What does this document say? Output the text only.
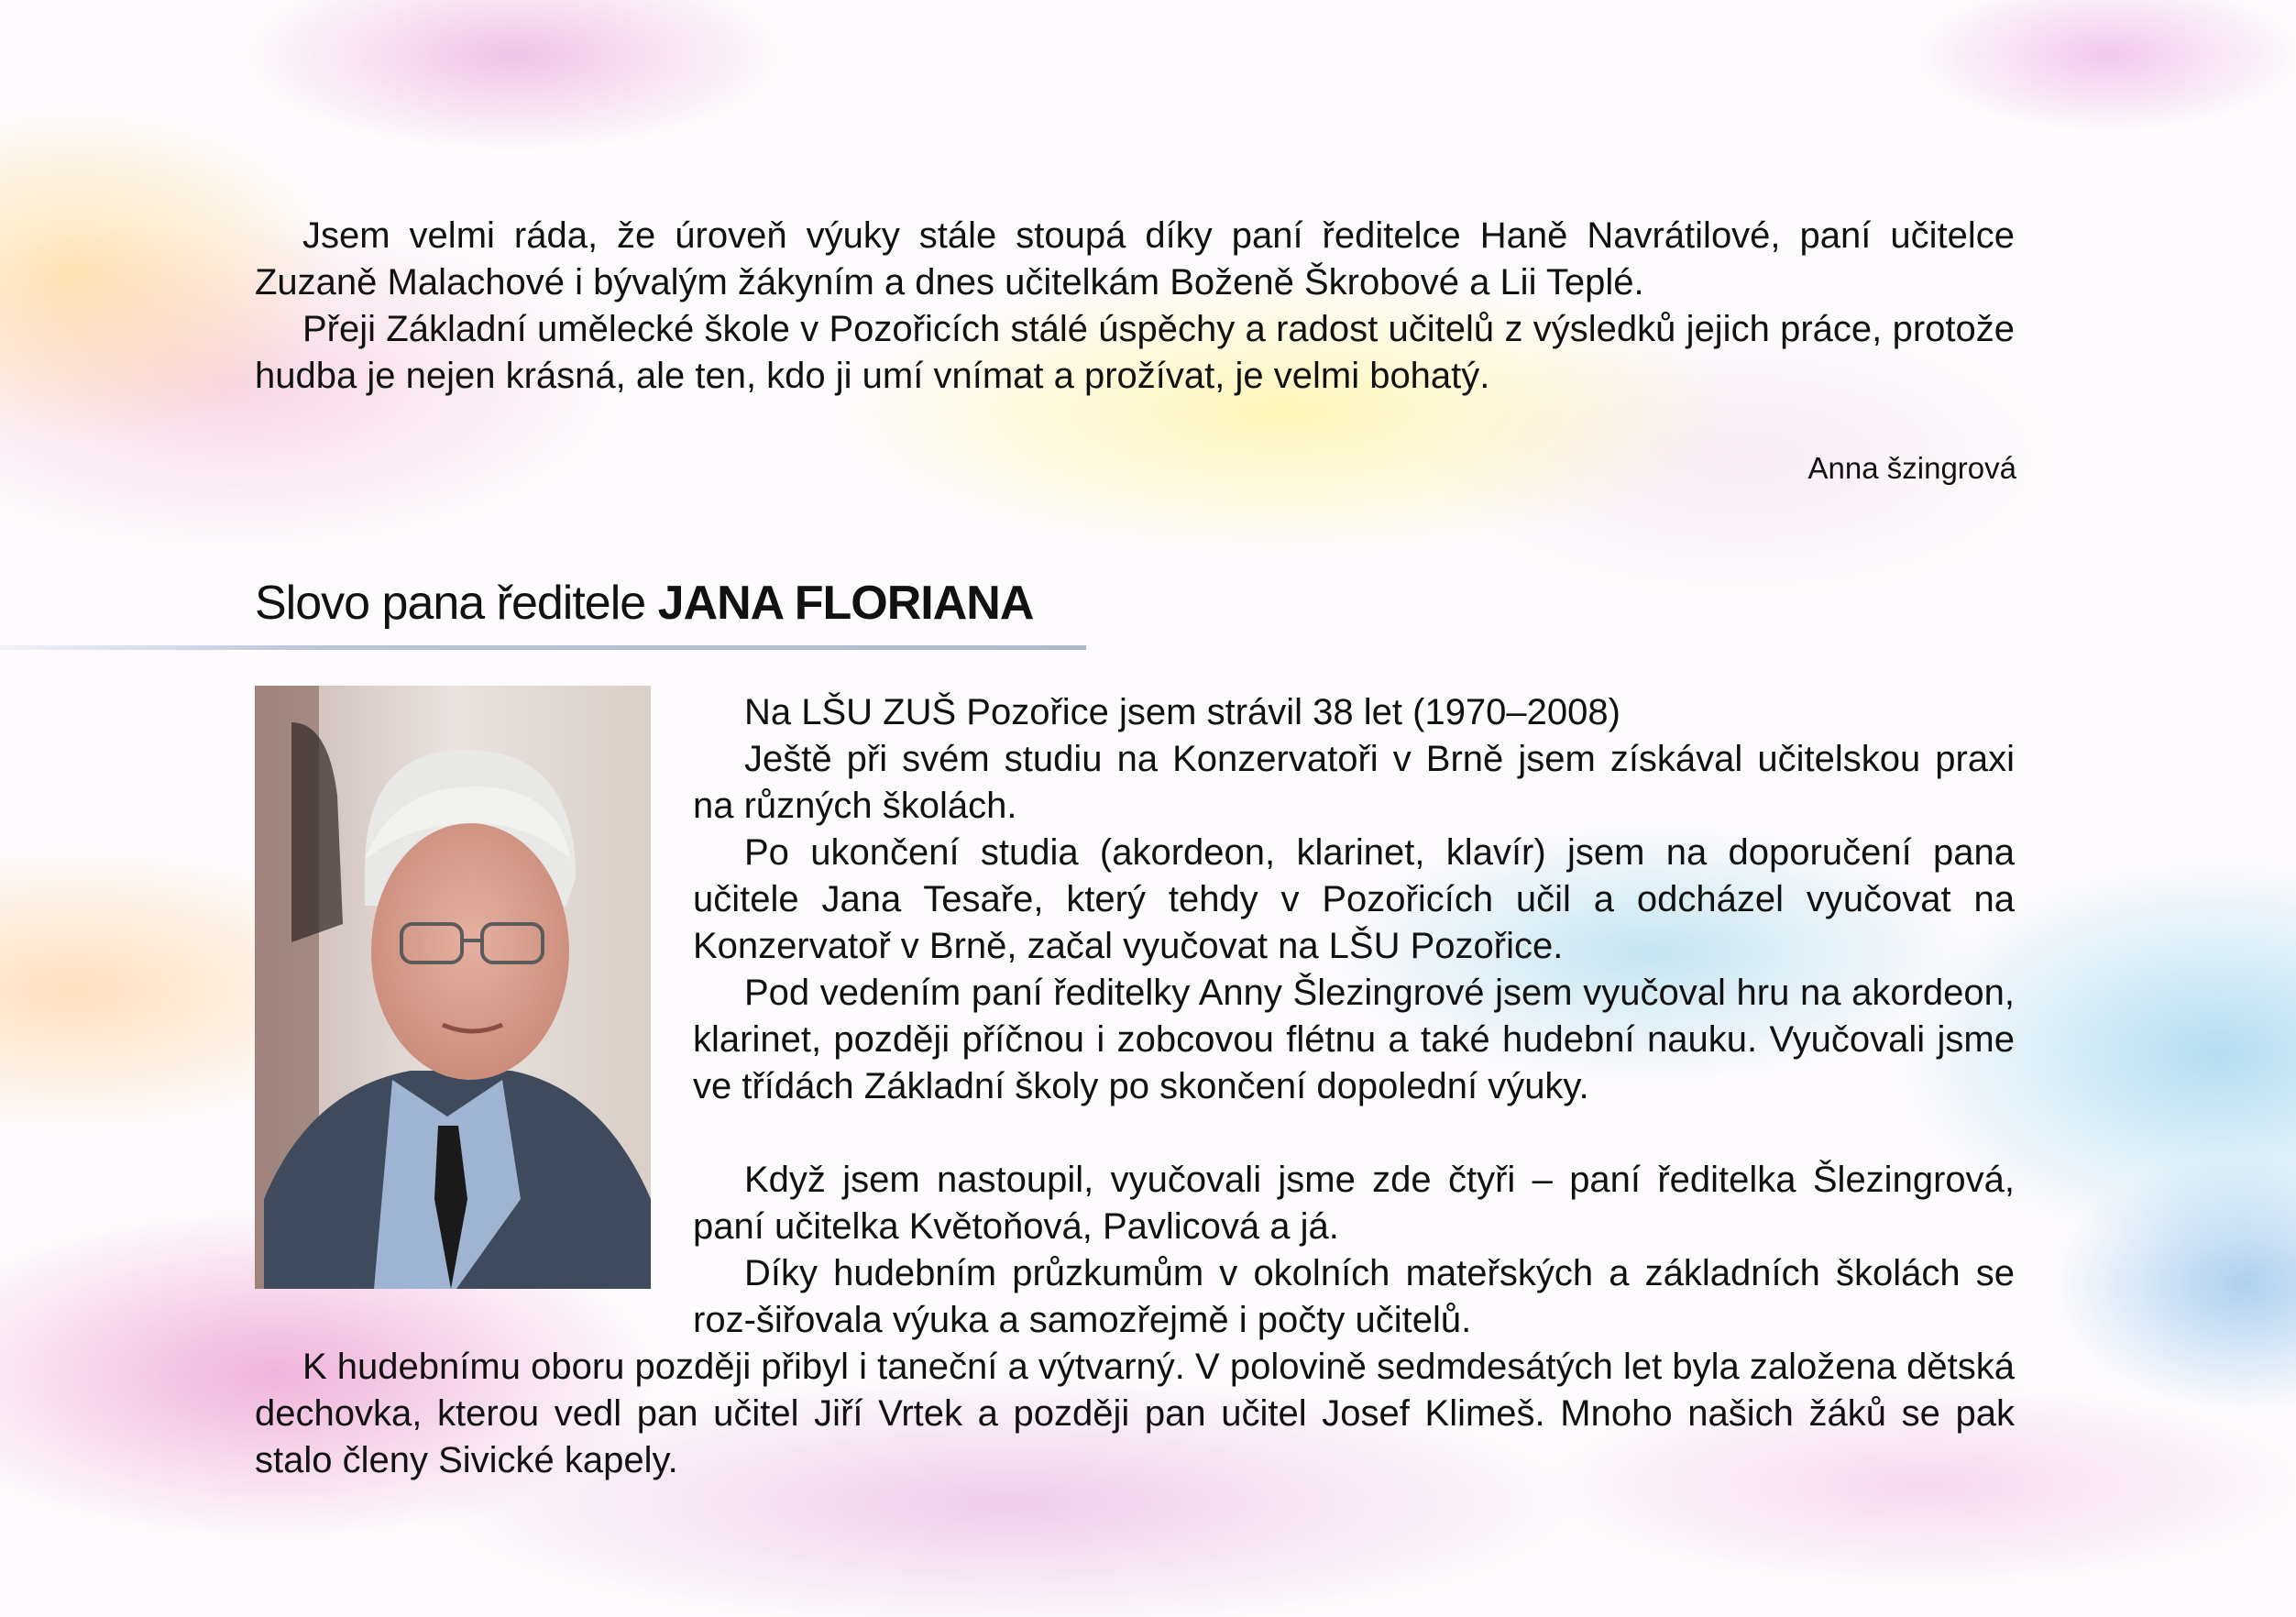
Jsem velmi ráda, že úroveň výuky stále stoupá díky paní ředitelce Haně Navrátilové, paní učitelce Zuzaně Malachové i bývalým žákyním a dnes učitelkám Boženě Škrobové a Lii Teplé.

Přeji Základní umělecké škole v Pozořicích stálé úspěchy a radost učitelů z výsledků jejich práce, protože hudba je nejen krásná, ale ten, kdo ji umí vnímat a prožívat, je velmi bohatý.

Anna šzingrová
Slovo pana ředitele JANA FLORIANA

Na LŠU ZUŠ Pozořice jsem strávil 38 let (1970–2008)

Ještě při svém studiu na Konzervatoři v Brně jsem získával učitelskou praxi na různých školách.

Po ukončení studia (akordeon, klarinet, klavír) jsem na doporučení pana učitele Jana Tesaře, který tehdy v Pozořicích učil a odcházel vyučovat na Konzervatoř v Brně, začal vyučovat na LŠU Pozořice.

Pod vedením paní ředitelky Anny Šlezingrové jsem vyučoval hru na akordeon, klarinet, později příčnou i zobcovou flétnu a také hudební nauku. Vyučovali jsme ve třídách Základní školy po skončení dopolední výuky.

Když jsem nastoupil, vyučovali jsme zde čtyři – paní ředitelka Šlezingrová, paní učitelka Květoňová, Pavlicová a já.

Díky hudebním průzkumům v okolních mateřských a základních školách se roz-šiřovala výuka a samozřejmě i počty učitelů.

K hudebnímu oboru později přibyl i taneční a výtvarný. V polovině sedmdesátých let byla založena dětská dechovka, kterou vedl pan učitel Jiří Vrtek a později pan učitel Josef Klimeš. Mnoho našich žáků se pak stalo členy Sivické kapely.
